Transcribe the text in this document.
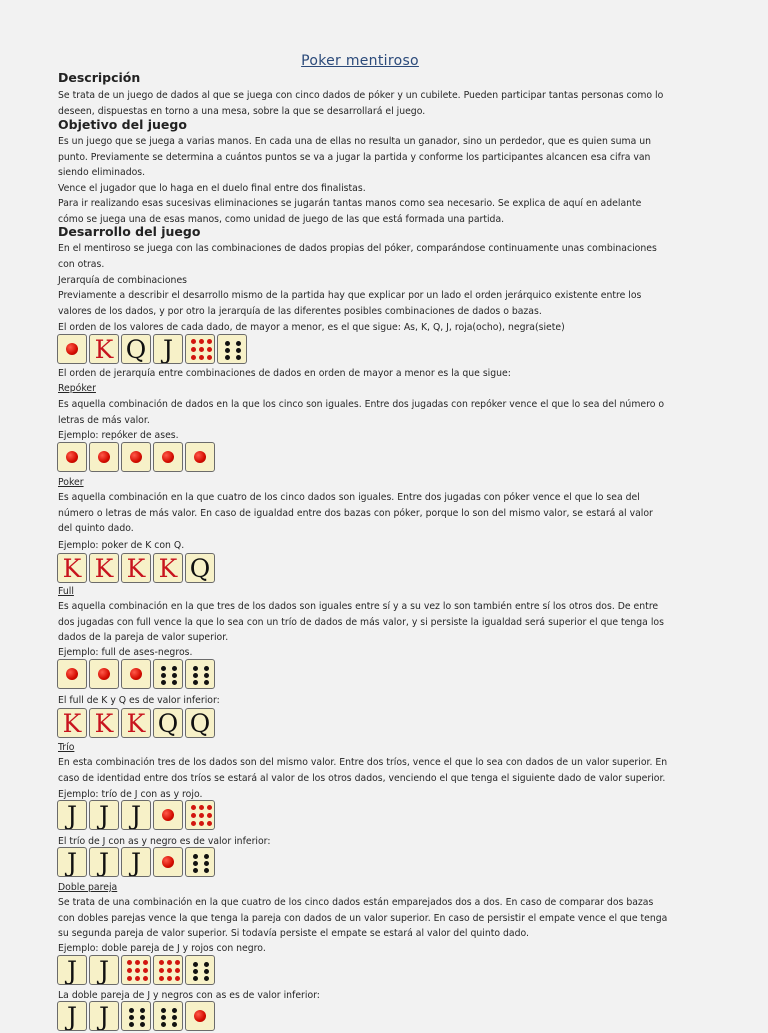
Poker mentiroso
Descripción
Se trata de un juego de dados al que se juega con cinco dados de póker y un cubilete. Pueden participar tantas personas como lo deseen, dispuestas en torno a una mesa, sobre la que se desarrollará el juego.
Objetivo del juego
Es un juego que se juega a varias manos. En cada una de ellas no resulta un ganador, sino un perdedor, que es quien suma un punto. Previamente se determina a cuántos puntos se va a jugar la partida y conforme los participantes alcancen esa cifra van siendo eliminados.
Vence el jugador que lo haga en el duelo final entre dos finalistas.
Para ir realizando esas sucesivas eliminaciones se jugarán tantas manos como sea necesario. Se explica de aquí en adelante cómo se juega una de esas manos, como unidad de juego de las que está formada una partida.
Desarrollo del juego
En el mentiroso se juega con las combinaciones de dados propias del póker, comparándose continuamente unas combinaciones con otras.
Jerarquía de combinaciones
Previamente a describir el desarrollo mismo de la partida hay que explicar por un lado el orden jerárquico existente entre los valores de los dados, y por otro la jerarquía de las diferentes posibles combinaciones de dados o bazas.
El orden de los valores de cada dado, de mayor a menor, es el que sigue: As, K, Q, J, roja(ocho), negra(siete)
K Q J
El orden de jerarquía entre combinaciones de dados en orden de mayor a menor es la que sigue:
Repóker
Es aquella combinación de dados en la que los cinco son iguales. Entre dos jugadas con repóker vence el que lo sea del número o letras de más valor.
Ejemplo: repóker de ases.
Poker
Es aquella combinación en la que cuatro de los cinco dados son iguales. Entre dos jugadas con póker vence el que lo sea del número o letras de más valor. En caso de igualdad entre dos bazas con póker, porque lo son del mismo valor, se estará al valor del quinto dado.
Ejemplo: poker de K con Q.
K K K K Q
Full
Es aquella combinación en la que tres de los dados son iguales entre sí y a su vez lo son también entre sí los otros dos. De entre dos jugadas con full vence la que lo sea con un trío de dados de más valor, y si persiste la igualdad será superior el que tenga los dados de la pareja de valor superior.
Ejemplo: full de ases-negros.
El full de K y Q es de valor inferior:
K K K Q Q
Trío
En esta combinación tres de los dados son del mismo valor. Entre dos tríos, vence el que lo sea con dados de un valor superior. En caso de identidad entre dos tríos se estará al valor de los otros dados, venciendo el que tenga el siguiente dado de valor superior.
Ejemplo: trío de J con as y rojo.
J J J
El trío de J con as y negro es de valor inferior:
J J J
Doble pareja
Se trata de una combinación en la que cuatro de los cinco dados están emparejados dos a dos. En caso de comparar dos bazas con dobles parejas vence la que tenga la pareja con dados de un valor superior. En caso de persistir el empate vence el que tenga su segunda pareja de valor superior. Si todavía persiste el empate se estará al valor del quinto dado.
Ejemplo: doble pareja de J y rojos con negro.
J J
La doble pareja de J y negros con as es de valor inferior:
J J
